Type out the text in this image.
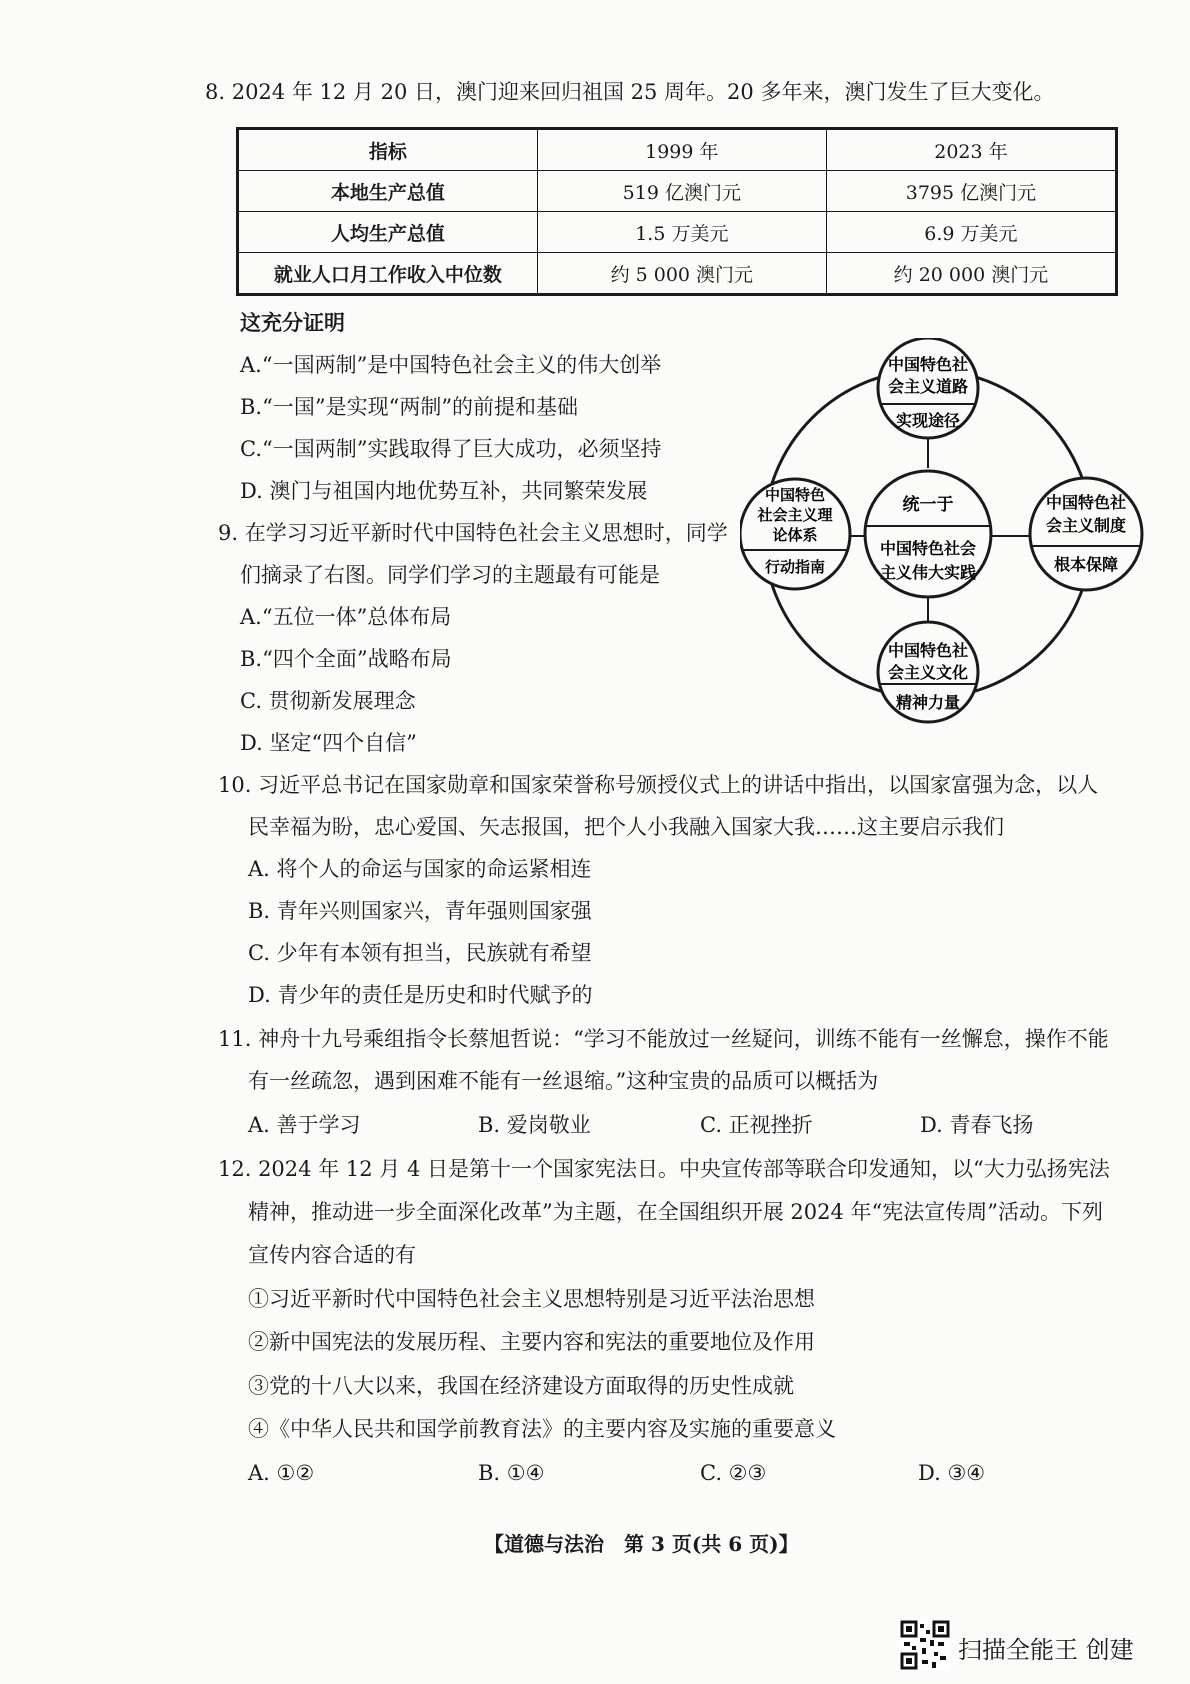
8. 2024 年 12 月 20 日，澳门迎来回归祖国 25 周年。20 多年来，澳门发生了巨大变化。
指标	1999 年	2023 年
本地生产总值	519 亿澳门元	3795 亿澳门元
人均生产总值	1.5 万美元	6.9 万美元
就业人口月工作收入中位数	约 5 000 澳门元	约 20 000 澳门元
这充分证明
A.“一国两制”是中国特色社会主义的伟大创举
B.“一国”是实现“两制”的前提和基础
C.“一国两制”实践取得了巨大成功，必须坚持
D. 澳门与祖国内地优势互补，共同繁荣发展
9. 在学习习近平新时代中国特色社会主义思想时，同学
们摘录了右图。同学们学习的主题最有可能是
A.“五位一体”总体布局
B.“四个全面”战略布局
C. 贯彻新发展理念
D. 坚定“四个自信”
中国特色社
会主义道路
实现途径
统一于
中国特色社会
主义伟大实践
中国特色
社会主义理
论体系
行动指南
中国特色社
会主义制度
根本保障
中国特色社
会主义文化
精神力量
10. 习近平总书记在国家勋章和国家荣誉称号颁授仪式上的讲话中指出，以国家富强为念，以人
民幸福为盼，忠心爱国、矢志报国，把个人小我融入国家大我……这主要启示我们
A. 将个人的命运与国家的命运紧相连
B. 青年兴则国家兴，青年强则国家强
C. 少年有本领有担当，民族就有希望
D. 青少年的责任是历史和时代赋予的
11. 神舟十九号乘组指令长蔡旭哲说：“学习不能放过一丝疑问，训练不能有一丝懈怠，操作不能
有一丝疏忽，遇到困难不能有一丝退缩。”这种宝贵的品质可以概括为
A. 善于学习	B. 爱岗敬业	C. 正视挫折	D. 青春飞扬
12. 2024 年 12 月 4 日是第十一个国家宪法日。中央宣传部等联合印发通知，以“大力弘扬宪法
精神，推动进一步全面深化改革”为主题，在全国组织开展 2024 年“宪法宣传周”活动。下列
宣传内容合适的有
①习近平新时代中国特色社会主义思想特别是习近平法治思想
②新中国宪法的发展历程、主要内容和宪法的重要地位及作用
③党的十八大以来，我国在经济建设方面取得的历史性成就
④《中华人民共和国学前教育法》的主要内容及实施的重要意义
A. ①②	B. ①④	C. ②③	D. ③④
【道德与法治　第 3 页(共 6 页)】
扫描全能王 创建
